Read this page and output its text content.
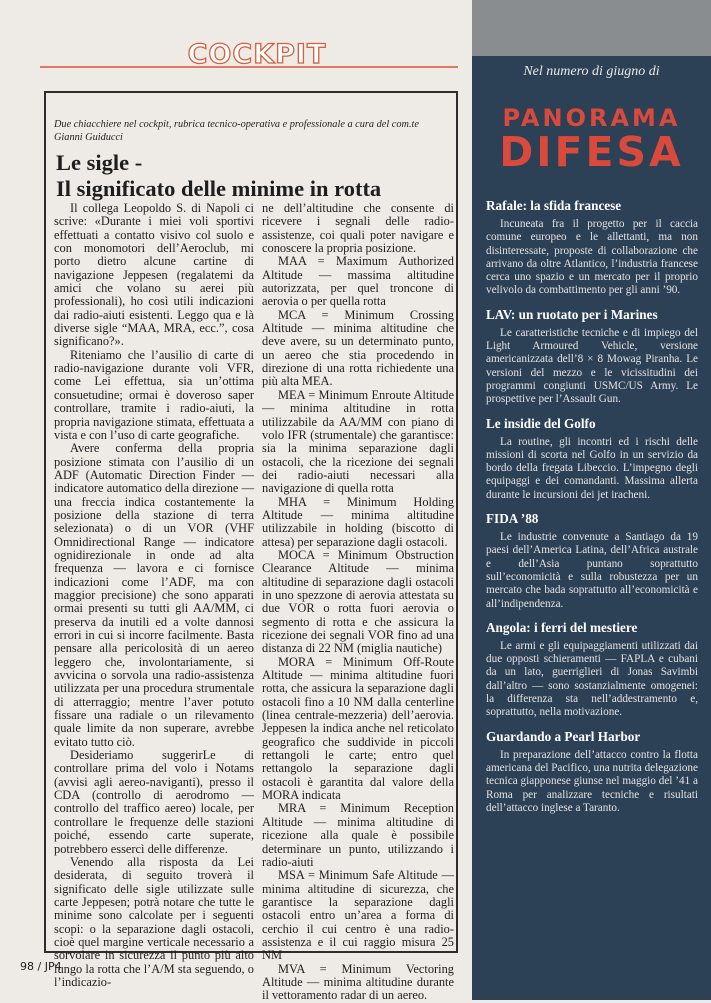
COCKPIT

Due chiacchiere nel cockpit, rubrica tecnico-operativa e professionale a cura del com.te Gianni Guiducci

Le sigle -
Il significato delle minime in rotta

Il collega Leopoldo S. di Napoli ci scrive: «Durante i miei voli sportivi effettuati a contatto visivo col suolo e con monomotori dell’Aeroclub, mi porto dietro alcune cartine di navigazione Jeppesen (regalatemi da amici che volano su aerei più professionali), ho così utili indicazioni dai radio-aiuti esistenti. Leggo qua e là diverse sigle “MAA, MRA, ecc.”, cosa significano?».

Riteniamo che l’ausilio di carte di radio-navigazione durante voli VFR, come Lei effettua, sia un’ottima consuetudine; ormai è doveroso saper controllare, tramite i radio-aiuti, la propria navigazione stimata, effettuata a vista e con l’uso di carte geografiche.

Avere conferma della propria posizione stimata con l’ausilio di un ADF (Automatic Direction Finder — indicatore automatico della direzione — una freccia indica costantemente la posizione della stazione di terra selezionata) o di un VOR (VHF Omnidirectional Range — indicatore ognidirezionale in onde ad alta frequenza — lavora e ci fornisce indicazioni come l’ADF, ma con maggior precisione) che sono apparati ormai presenti su tutti gli AA/MM, ci preserva da inutili ed a volte dannosi errori in cui si incorre facilmente. Basta pensare alla pericolosità di un aereo leggero che, involontariamente, si avvicina o sorvola una radio-assistenza utilizzata per una procedura strumentale di atterraggio; mentre l’aver potuto fissare una radiale o un rilevamento quale limite da non superare, avrebbe evitato tutto ciò.

Desideriamo suggerirLe di controllare prima del volo i Notams (avvisi agli aereo-naviganti), presso il CDA (controllo di aerodromo — controllo del traffico aereo) locale, per controllare le frequenze delle stazioni poiché, essendo carte superate, potrebbero essercì delle differenze.

Venendo alla risposta da Lei desiderata, di seguito troverà il significato delle sigle utilizzate sulle carte Jeppesen; potrà notare che tutte le minime sono calcolate per i seguenti scopi: o la separazione dagli ostacoli, cioè quel margine verticale necessario a sorvolare in sicurezza il punto più alto lungo la rotta che l’A/M sta seguendo, o l’indicazio-

ne dell’altitudine che consente di ricevere i segnali delle radio-assistenze, coi quali poter navigare e conoscere la propria posizione.

MAA = Maximum Authorized Altitude — massima altitudine autorizzata, per quel troncone di aerovia o per quella rotta

MCA = Minimum Crossing Altitude — minima altitudine che deve avere, su un determinato punto, un aereo che stia procedendo in direzione di una rotta richiedente una più alta MEA.

MEA = Minimum Enroute Altitude — minima altitudine in rotta utilizzabile da AA/MM con piano di volo IFR (strumentale) che garantisce: sia la minima separazione dagli ostacoli, che la ricezione dei segnali dei radio-aiuti necessari alla navigazione di quella rotta

MHA = Minimum Holding Altitude — minima altitudine utilizzabile in holding (biscotto di attesa) per separazione dagli ostacoli.

MOCA = Minimum Obstruction Clearance Altitude — minima altitudine di separazione dagli ostacoli in uno spezzone di aerovia attestata su due VOR o rotta fuori aerovia o segmento di rotta e che assicura la ricezione dei segnali VOR fino ad una distanza di 22 NM (miglia nautiche)

MORA = Minimum Off-Route Altitude — minima altitudine fuori rotta, che assicura la separazione dagli ostacoli fino a 10 NM dalla centerline (linea centrale-mezzeria) dell’aerovia. Jeppesen la indica anche nel reticolato geografico che suddivide in piccoli rettangoli le carte; entro quel rettangolo la separazione dagli ostacoli è garantita dal valore della MORA indicata

MRA = Minimum Reception Altitude — minima altitudine di ricezione alla quale è possibile determinare un punto, utilizzando i radio-aiuti

MSA = Minimum Safe Altitude — minima altitudine di sicurezza, che garantisce la separazione dagli ostacoli entro un’area a forma di cerchio il cui centro è una radio-assistenza e il cui raggio misura 25 NM

MVA = Minimum Vectoring Altitude — minima altitudine durante il vettoramento radar di un aereo.

98 / JP4
Nel numero di giugno di
PANORAMA
DIFESA
Rafale: la sfida francese

Incuneata fra il progetto per il caccia comune europeo e le allettanti, ma non disinteressate, proposte di collaborazione che arrivano da oltre Atlantico, l’industria francese cerca uno spazio e un mercato per il proprio velivolo da combattimento per gli anni ’90.

LAV: un ruotato per i Marines

Le caratteristiche tecniche e di impiego del Light Armoured Vehicle, versione americanizzata dell’8 × 8 Mowag Piranha. Le versioni del mezzo e le vicissitudini dei programmi congiunti USMC/US Army. Le prospettive per l’Assault Gun.

Le insidie del Golfo

La routine, gli incontri ed i rischi delle missioni di scorta nel Golfo in un servizio da bordo della fregata Libeccio. L’impegno degli equipaggi e dei comandanti. Massima allerta durante le incursioni dei jet iracheni.

FIDA ’88

Le industrie convenute a Santiago da 19 paesi dell’America Latina, dell’Africa australe e dell’Asia puntano soprattutto sull’economicità e sulla robustezza per un mercato che bada soprattutto all’economicità e all’indipendenza.

Angola: i ferri del mestiere

Le armi e gli equipaggiamenti utilizzati dai due opposti schieramenti — FAPLA e cubani da un lato, guerriglieri di Jonas Savimbi dall’altro — sono sostanzialmente omogenei: la differenza sta nell’addestramento e, soprattutto, nella motivazione.

Guardando a Pearl Harbor

In preparazione dell’attacco contro la flotta americana del Pacifico, una nutrita delegazione tecnica giapponese giunse nel maggio del ’41 a Roma per analizzare tecniche e risultati dell’attacco inglese a Taranto.
